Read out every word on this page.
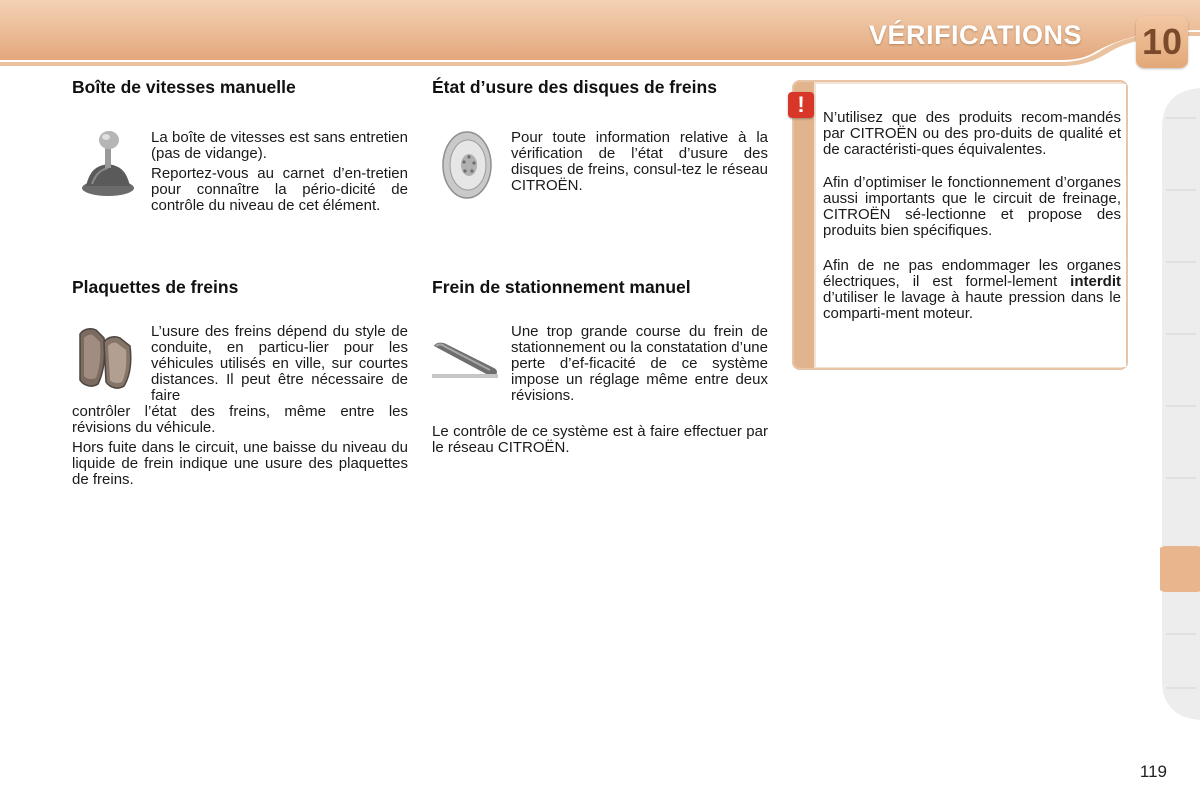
VÉRIFICATIONS 10
Boîte de vitesses manuelle

La boîte de vitesses est sans entretien (pas de vidange).

Reportez-vous au carnet d’en-tretien pour connaître la pério-dicité de contrôle du niveau de cet élément.

État d’usure des disques de freins

Pour toute information relative à la vérification de l’état d’usure des disques de freins, consul-tez le réseau CITROËN.

Plaquettes de freins

L’usure des freins dépend du style de conduite, en particu-lier pour les véhicules utilisés en ville, sur courtes distances. Il peut être nécessaire de faire

contrôler l’état des freins, même entre les révisions du véhicule.

Hors fuite dans le circuit, une baisse du niveau du liquide de frein indique une usure des plaquettes de freins.

Frein de stationnement manuel

Une trop grande course du frein de stationnement ou la constatation d’une perte d’ef-ficacité de ce système impose un réglage même entre deux révisions.

Le contrôle de ce système est à faire effectuer par le réseau CITROËN.

!

N’utilisez que des produits recom-mandés par CITROËN ou des pro-duits de qualité et de caractéristi-ques équivalentes.

Afin d’optimiser le fonctionnement d’organes aussi importants que le circuit de freinage, CITROËN sé-lectionne et propose des produits bien spécifiques.

Afin de ne pas endommager les organes électriques, il est formel-lement interdit d’utiliser le lavage à haute pression dans le comparti-ment moteur.

119
